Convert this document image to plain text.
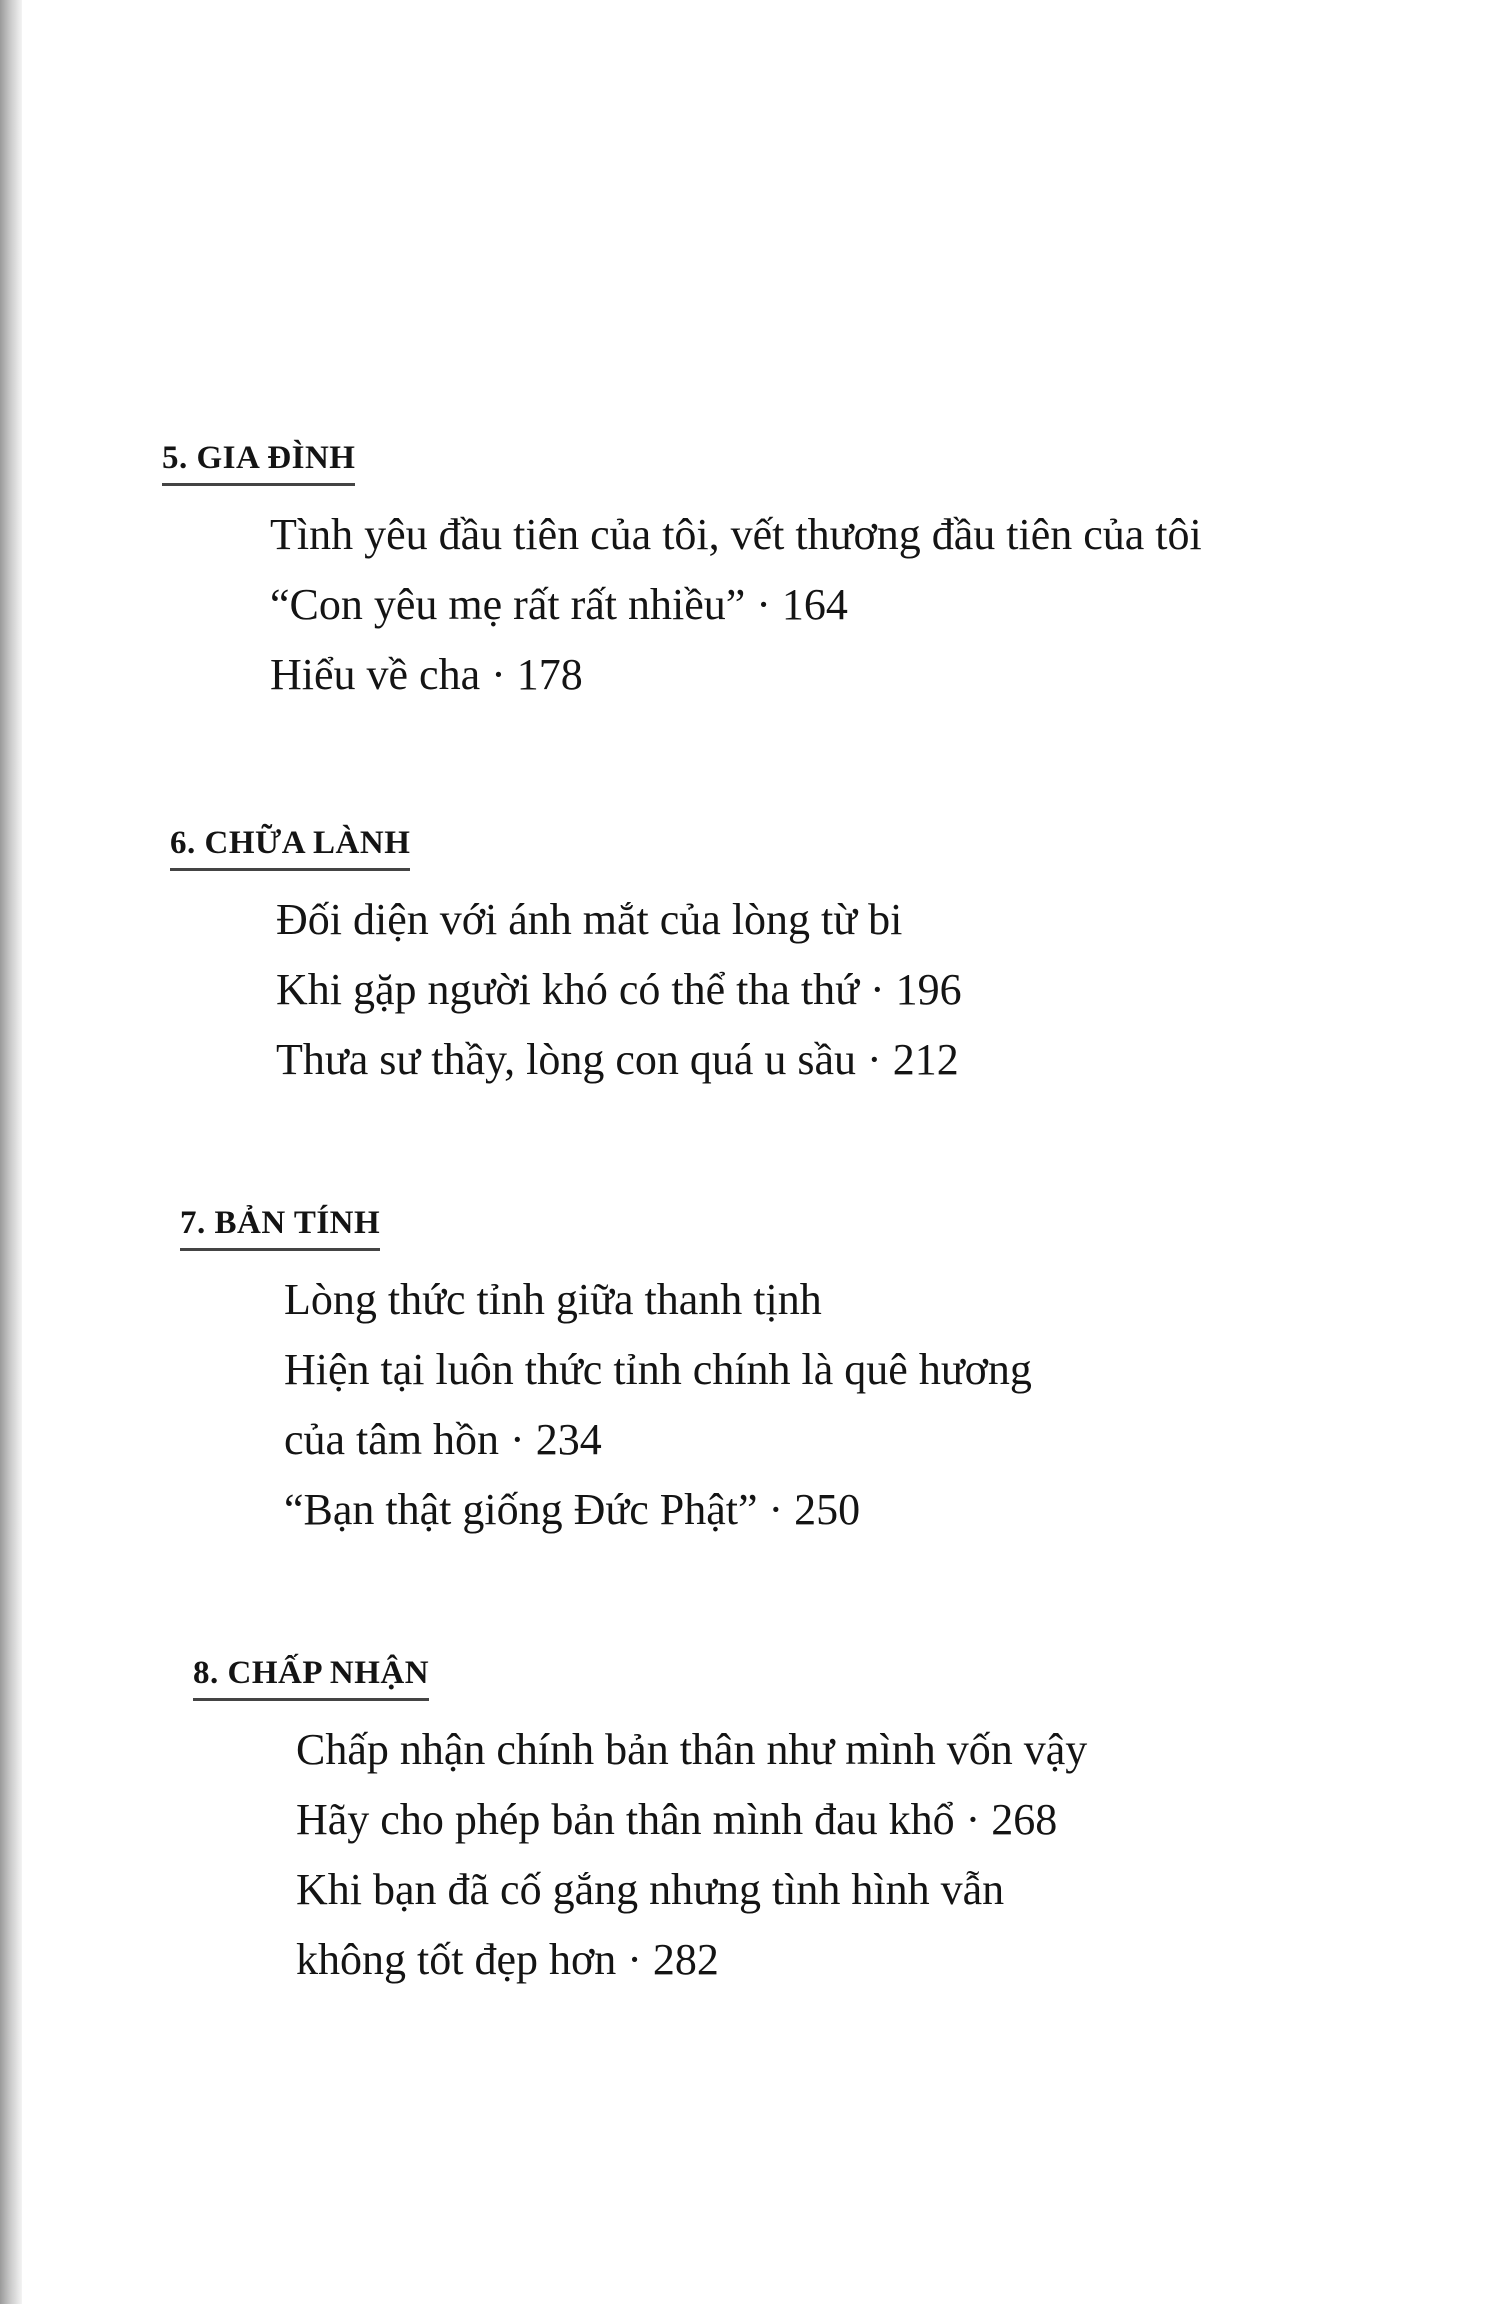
5. GIA ĐÌNH
Tình yêu đầu tiên của tôi, vết thương đầu tiên của tôi
“Con yêu mẹ rất rất nhiều” · 164
Hiểu về cha · 178
6. CHỮA LÀNH
Đối diện với ánh mắt của lòng từ bi
Khi gặp người khó có thể tha thứ · 196
Thưa sư thầy, lòng con quá u sầu · 212
7. BẢN TÍNH
Lòng thức tỉnh giữa thanh tịnh
Hiện tại luôn thức tỉnh chính là quê hương
của tâm hồn · 234
“Bạn thật giống Đức Phật” · 250
8. CHẤP NHẬN
Chấp nhận chính bản thân như mình vốn vậy
Hãy cho phép bản thân mình đau khổ · 268
Khi bạn đã cố gắng nhưng tình hình vẫn
không tốt đẹp hơn · 282
